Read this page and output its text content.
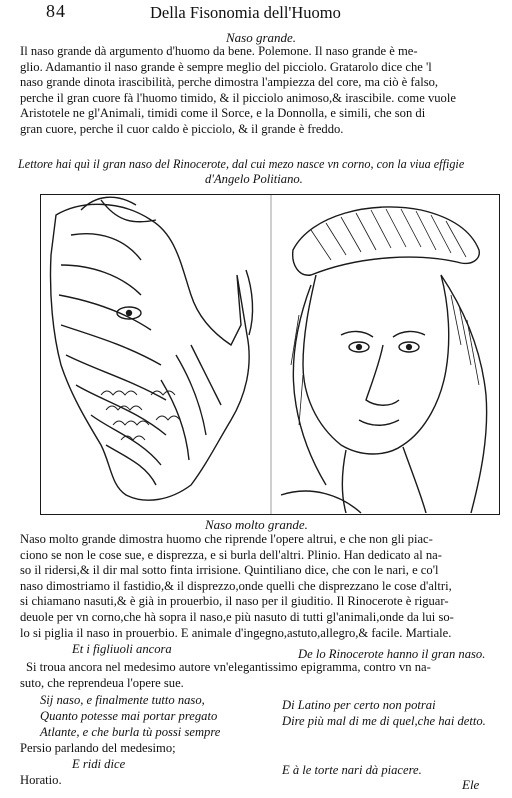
84	Della Fisonomia dell'Huomo
Naso grande.
Il naso grande dà argumento d'huomo da bene. Polemone. Il naso grande è me-
glio. Adamantio il naso grande è sempre meglio del picciolo. Gratarolo dice che 'l
naso grande dinota irascibilità, perche dimostra l'ampiezza del core, ma ciò è falso,
perche il gran cuore fà l'huomo timido, & il picciolo animoso,& irascibile. come vuole
Aristotele ne gl'Animali, timidi come il Sorce, e la Donnolla, e simili, che son di
gran cuore, perche il cuor caldo è picciolo, & il grande è freddo.
Lettore hai quì il gran naso del Rinocerote, dal cui mezo nasce vn corno, con la viua effigie
d'Angelo Politiano.
Naso molto grande.
Naso molto grande dimostra huomo che riprende l'opere altrui, e che non gli piac-
ciono se non le cose sue, e disprezza, e si burla dell'altri. Plinio. Han dedicato al na-
so il ridersi,& il dir mal sotto finta irrisione. Quintiliano dice, che con le nari, e co'l
naso dimostriamo il fastidio,& il disprezzo,onde quelli che disprezzano le cose d'altri,
si chiamano nasuti,& è già in prouerbio, il naso per il giuditio. Il Rinocerote è riguar-
deuole per vn corno,che hà sopra il naso,e più nasuto di tutti gl'animali,onde da lui so-
lo si piglia il naso in prouerbio. E animale d'ingegno,astuto,allegro,& facile. Martiale.
Et i figliuoli ancora	De lo Rinocerote hanno il gran naso.
Si troua ancora nel medesimo autore vn'elegantissimo epigramma, contro vn na-
suto, che reprendeua l'opere sue.
Sij naso, e finalmente tutto naso,
Quanto potesse mai portar pregato
Atlante, e che burla tù possi sempre
Di Latino per certo non potrai
Dire più mal di me di quel,che hai detto.
Persio parlando del medesimo;
E ridi dice	E à le torte nari dà piacere.
Horatio.	Ele
